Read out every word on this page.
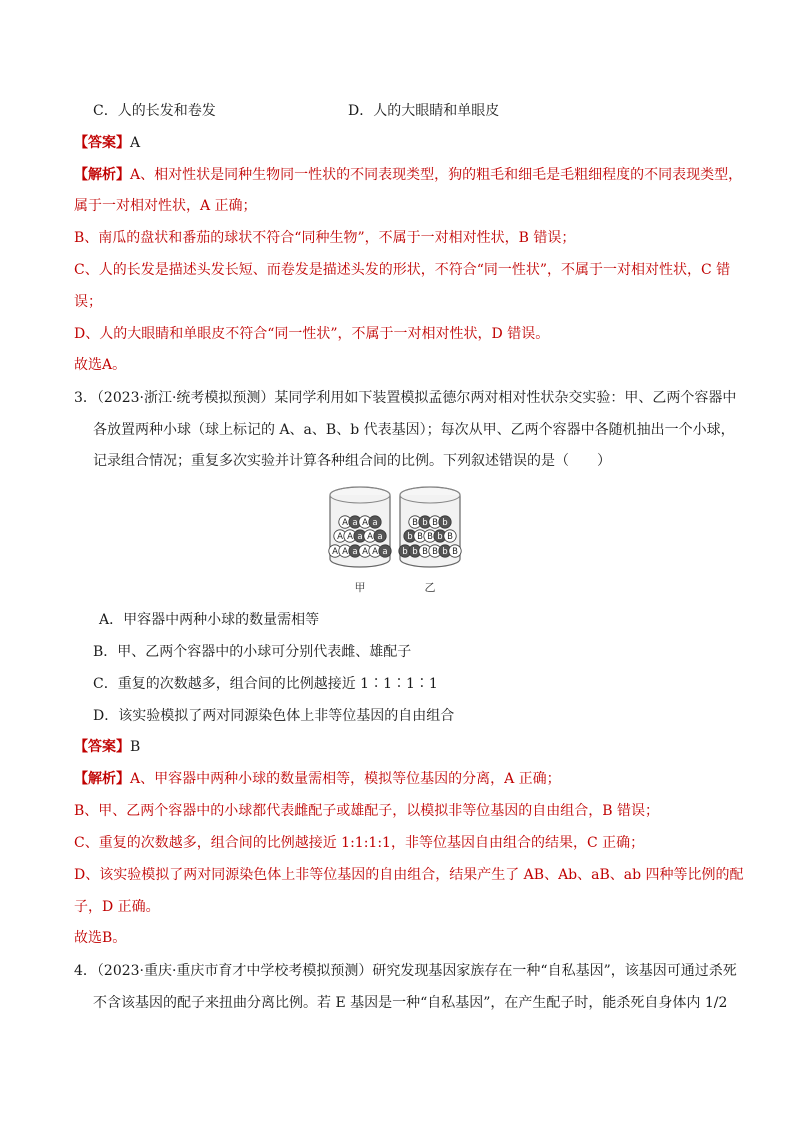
C．人的长发和卷发	D．人的大眼睛和单眼皮
【答案】A
【解析】A、相对性状是同种生物同一性状的不同表现类型，狗的粗毛和细毛是毛粗细程度的不同表现类型，
属于一对相对性状，A 正确；
B、南瓜的盘状和番茄的球状不符合“同种生物”，不属于一对相对性状，B 错误；
C、人的长发是描述头发长短、而卷发是描述头发的形状，不符合“同一性状”，不属于一对相对性状，C 错
误；
D、人的大眼睛和单眼皮不符合“同一性状”，不属于一对相对性状，D 错误。
故选A。
3．（2023·浙江·统考模拟预测）某同学利用如下装置模拟孟德尔两对相对性状杂交实验：甲、乙两个容器中
各放置两种小球（球上标记的 A、a、B、b 代表基因）；每次从甲、乙两个容器中各随机抽出一个小球，
记录组合情况；重复多次实验并计算各种组合间的比例。下列叙述错误的是（　　）
A a A a
A A a A a
A A a A A a
B b B b
b B B b B
b b B B b B
甲	乙
A．甲容器中两种小球的数量需相等
B．甲、乙两个容器中的小球可分别代表雌、雄配子
C．重复的次数越多，组合间的比例越接近 1∶1∶1∶1
D．该实验模拟了两对同源染色体上非等位基因的自由组合
【答案】B
【解析】A、甲容器中两种小球的数量需相等，模拟等位基因的分离，A 正确；
B、甲、乙两个容器中的小球都代表雌配子或雄配子，以模拟非等位基因的自由组合，B 错误；
C、重复的次数越多，组合间的比例越接近 1:1:1:1，非等位基因自由组合的结果，C 正确；
D、该实验模拟了两对同源染色体上非等位基因的自由组合，结果产生了 AB、Ab、aB、ab 四种等比例的配
子，D 正确。
故选B。
4．（2023·重庆·重庆市育才中学校考模拟预测）研究发现基因家族存在一种“自私基因”，该基因可通过杀死
不含该基因的配子来扭曲分离比例。若 E 基因是一种“自私基因”，在产生配子时，能杀死自身体内 1/2
